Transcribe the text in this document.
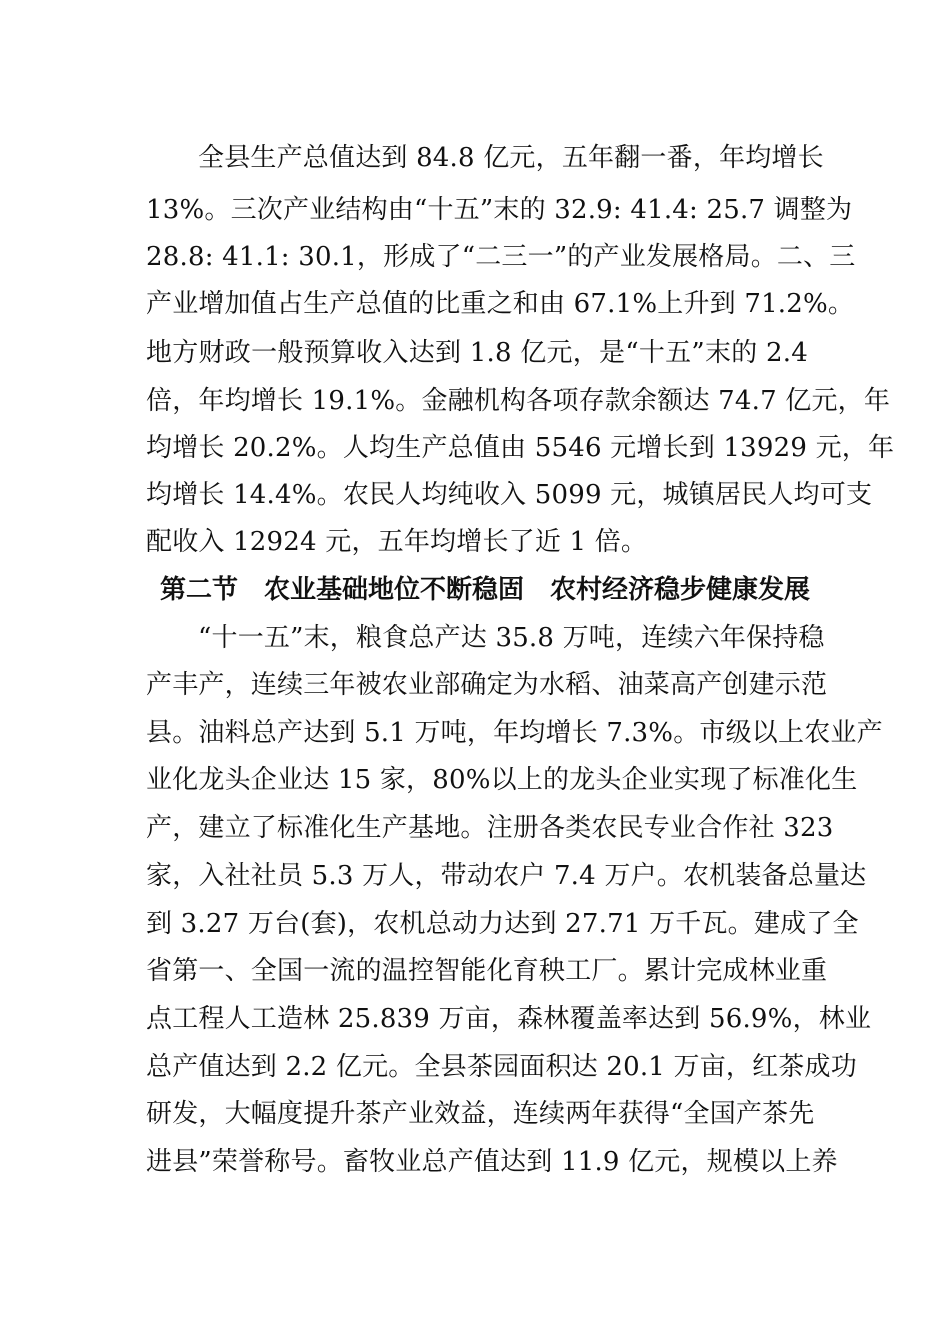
全县生产总值达到 84.8 亿元，五年翻一番，年均增长
13%。三次产业结构由“十五”末的 32.9: 41.4: 25.7 调整为
28.8: 41.1: 30.1，形成了“二三一”的产业发展格局。二、三
产业增加值占生产总值的比重之和由 67.1%上升到 71.2%。
地方财政一般预算收入达到 1.8 亿元，是“十五”末的 2.4
倍，年均增长 19.1%。金融机构各项存款余额达 74.7 亿元，年
均增长 20.2%。人均生产总值由 5546 元增长到 13929 元，年
均增长 14.4%。农民人均纯收入 5099 元，城镇居民人均可支
配收入 12924 元，五年均增长了近 1 倍。
第二节　农业基础地位不断稳固　农村经济稳步健康发展
“十一五”末，粮食总产达 35.8 万吨，连续六年保持稳
产丰产，连续三年被农业部确定为水稻、油菜高产创建示范
县。油料总产达到 5.1 万吨，年均增长 7.3%。市级以上农业产
业化龙头企业达 15 家，80%以上的龙头企业实现了标准化生
产，建立了标准化生产基地。注册各类农民专业合作社 323
家，入社社员 5.3 万人，带动农户 7.4 万户。农机装备总量达
到 3.27 万台(套)，农机总动力达到 27.71 万千瓦。建成了全
省第一、全国一流的温控智能化育秧工厂。累计完成林业重
点工程人工造林 25.839 万亩，森林覆盖率达到 56.9%，林业
总产值达到 2.2 亿元。全县茶园面积达 20.1 万亩，红茶成功
研发，大幅度提升茶产业效益，连续两年获得“全国产茶先
进县”荣誉称号。畜牧业总产值达到 11.9 亿元，规模以上养
